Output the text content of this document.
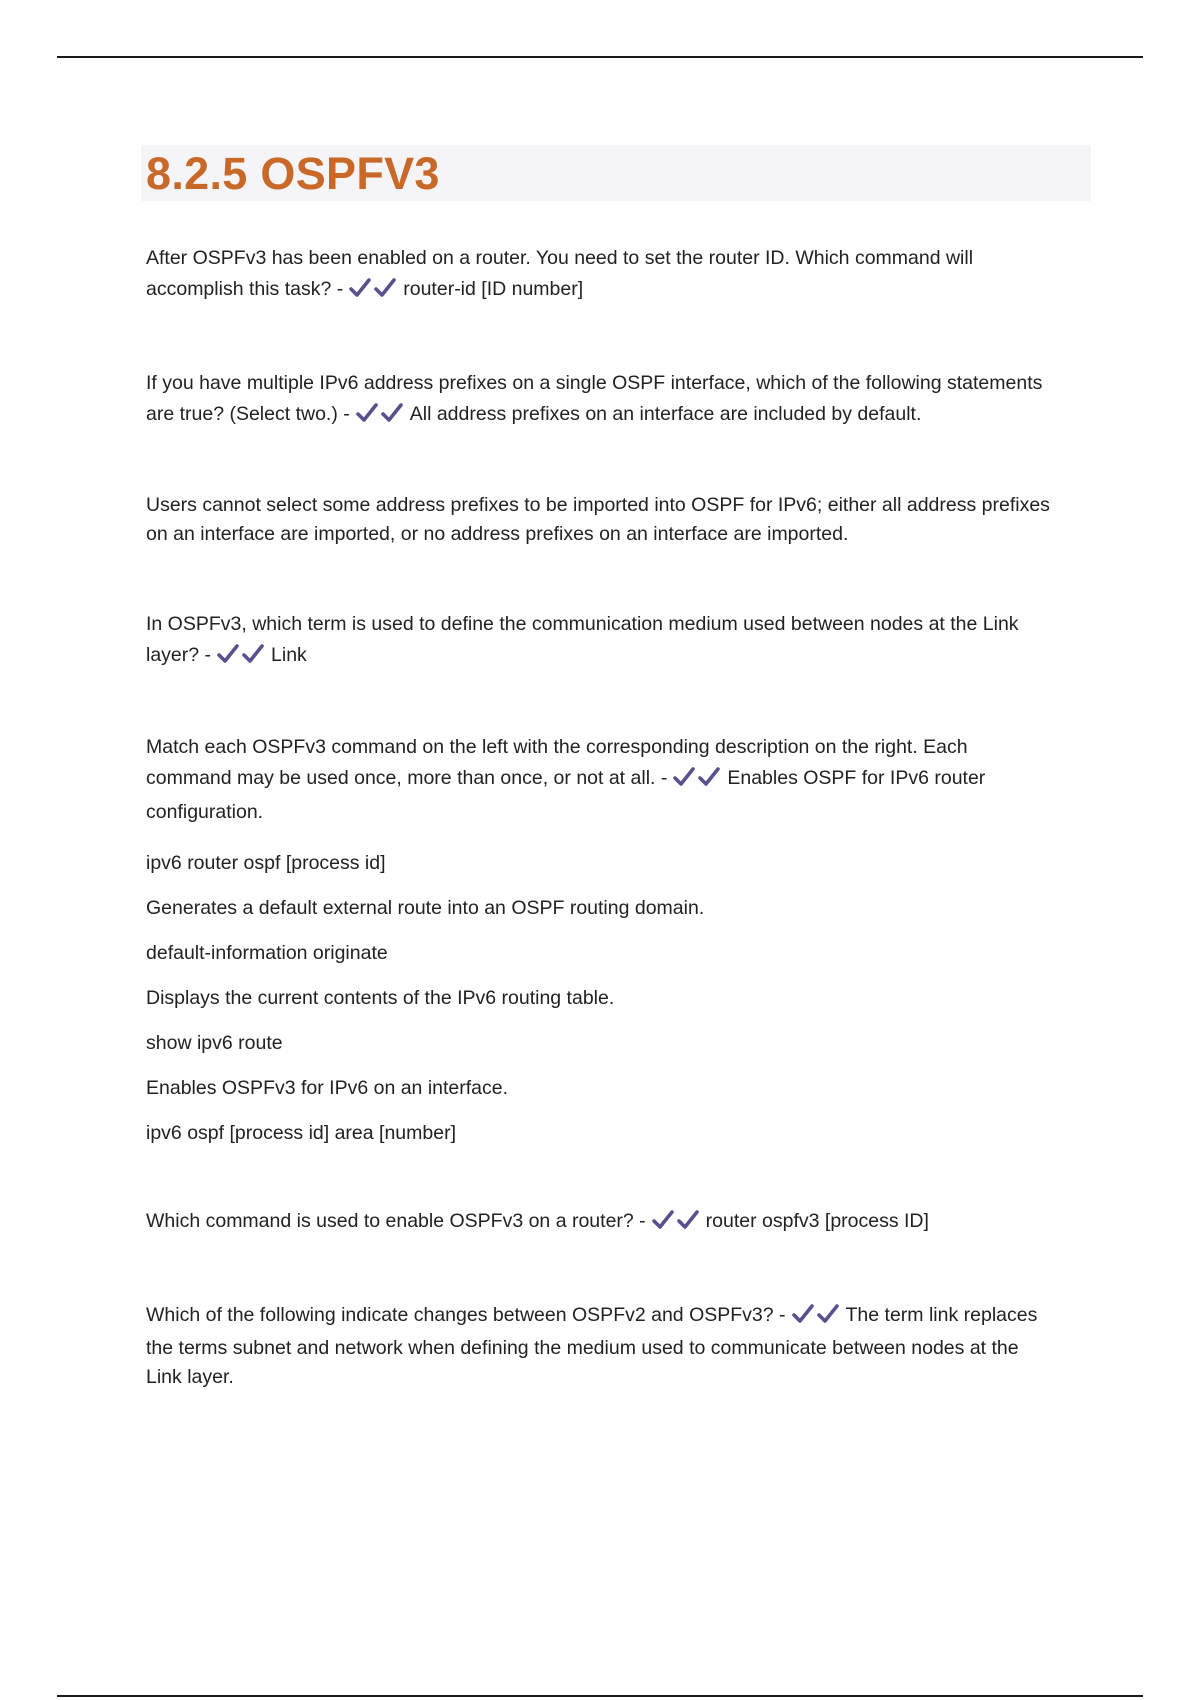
8.2.5 OSPFV3
After OSPFv3 has been enabled on a router. You need to set the router ID. Which command will
accomplish this task? -	router-id [ID number]
If you have multiple IPv6 address prefixes on a single OSPF interface, which of the following statements
are true? (Select two.) -	All address prefixes on an interface are included by default.
Users cannot select some address prefixes to be imported into OSPF for IPv6; either all address prefixes
on an interface are imported, or no address prefixes on an interface are imported.
In OSPFv3, which term is used to define the communication medium used between nodes at the Link
layer? -	Link
Match each OSPFv3 command on the left with the corresponding description on the right. Each
command may be used once, more than once, or not at all. -	Enables OSPF for IPv6 router
configuration.

ipv6 router ospf [process id]

Generates a default external route into an OSPF routing domain.

default-information originate

Displays the current contents of the IPv6 routing table.

show ipv6 route

Enables OSPFv3 for IPv6 on an interface.

ipv6 ospf [process id] area [number]

Which command is used to enable OSPFv3 on a router? -	router ospfv3 [process ID]
Which of the following indicate changes between OSPFv2 and OSPFv3? -	The term link replaces
the terms subnet and network when defining the medium used to communicate between nodes at the
Link layer.
